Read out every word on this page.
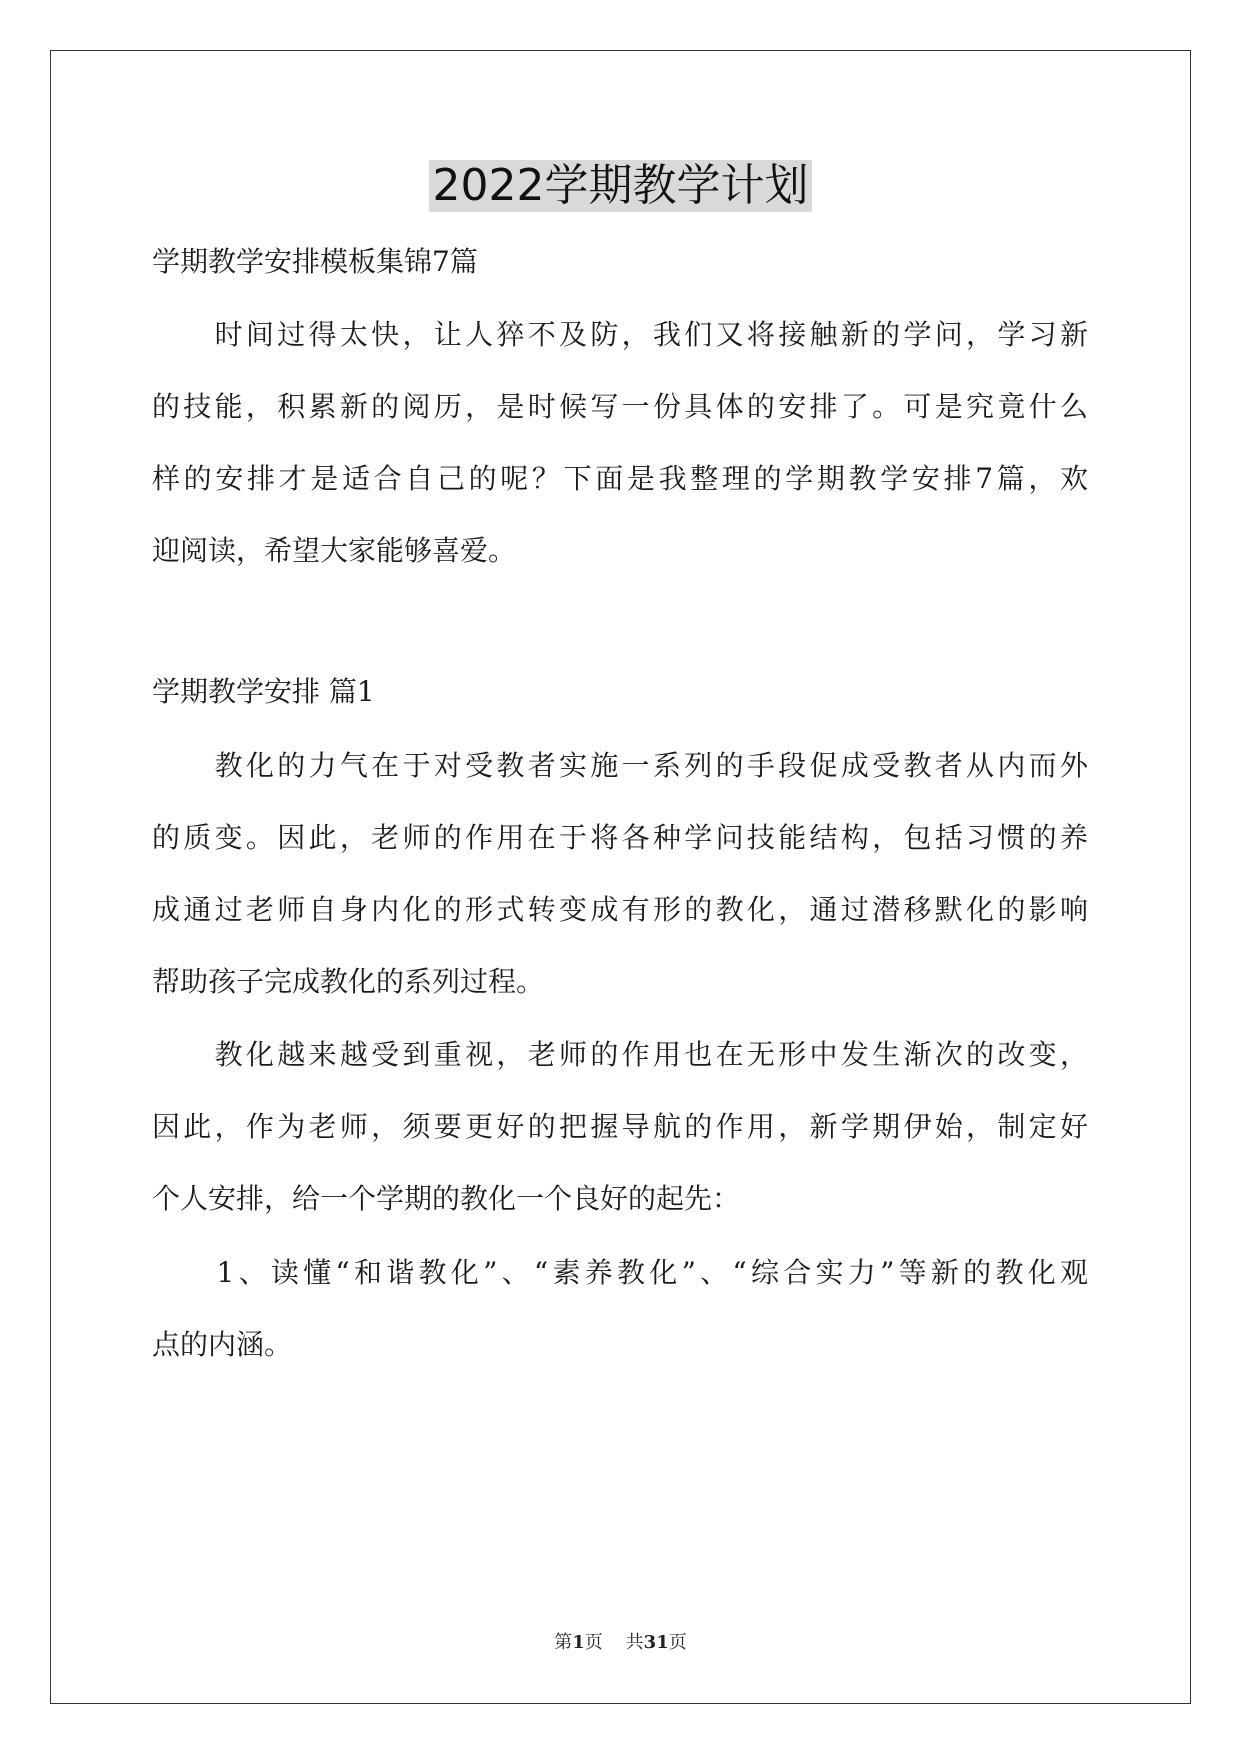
2022学期教学计划
学期教学安排模板集锦7篇
　　时间过得太快，让人猝不及防，我们又将接触新的学问，学习新
的技能，积累新的阅历，是时候写一份具体的安排了。可是究竟什么
样的安排才是适合自己的呢？下面是我整理的学期教学安排7篇，欢
迎阅读，希望大家能够喜爱。
学期教学安排 篇1
　　教化的力气在于对受教者实施一系列的手段促成受教者从内而外
的质变。因此，老师的作用在于将各种学问技能结构，包括习惯的养
成通过老师自身内化的形式转变成有形的教化，通过潜移默化的影响
帮助孩子完成教化的系列过程。
　　教化越来越受到重视，老师的作用也在无形中发生渐次的改变，
因此，作为老师，须要更好的把握导航的作用，新学期伊始，制定好
个人安排，给一个学期的教化一个良好的起先：
　　1、读懂“和谐教化”、“素养教化”、“综合实力”等新的教化观
点的内涵。
第1页 共31页
